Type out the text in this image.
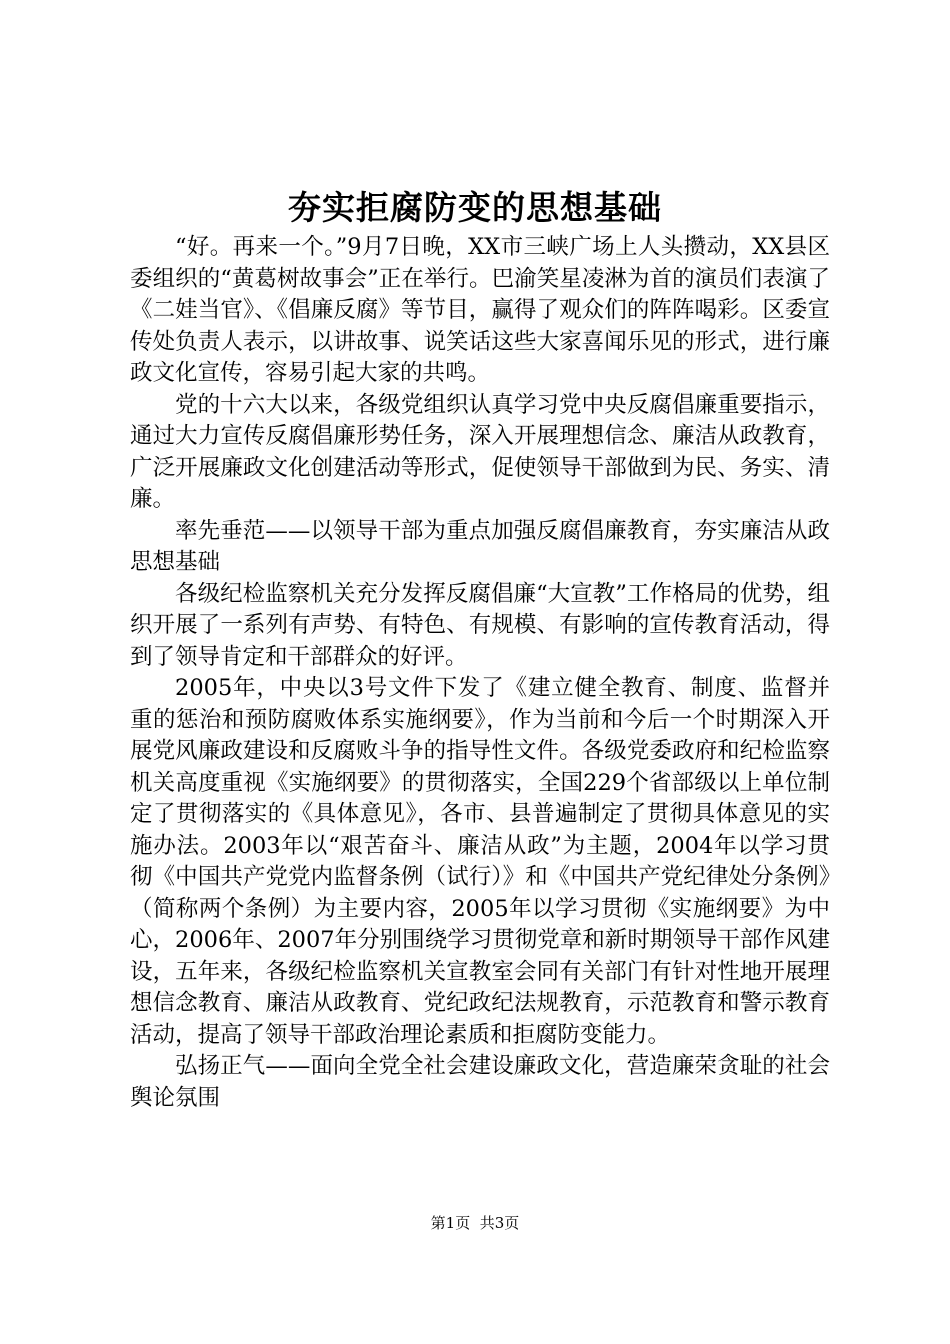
夯实拒腐防变的思想基础

“好。再来一个。”9月7日晚，XX市三峡广场上人头攒动，XX县区委组织的“黄葛树故事会”正在举行。巴渝笑星凌淋为首的演员们表演了《二娃当官》、《倡廉反腐》等节目，赢得了观众们的阵阵喝彩。区委宣传处负责人表示，以讲故事、说笑话这些大家喜闻乐见的形式，进行廉政文化宣传，容易引起大家的共鸣。

党的十六大以来，各级党组织认真学习党中央反腐倡廉重要指示，通过大力宣传反腐倡廉形势任务，深入开展理想信念、廉洁从政教育，广泛开展廉政文化创建活动等形式，促使领导干部做到为民、务实、清廉。

率先垂范——以领导干部为重点加强反腐倡廉教育，夯实廉洁从政思想基础

各级纪检监察机关充分发挥反腐倡廉“大宣教”工作格局的优势，组织开展了一系列有声势、有特色、有规模、有影响的宣传教育活动，得到了领导肯定和干部群众的好评。

2005年，中央以3号文件下发了《建立健全教育、制度、监督并重的惩治和预防腐败体系实施纲要》，作为当前和今后一个时期深入开展党风廉政建设和反腐败斗争的指导性文件。各级党委政府和纪检监察机关高度重视《实施纲要》的贯彻落实，全国229个省部级以上单位制定了贯彻落实的《具体意见》，各市、县普遍制定了贯彻具体意见的实施办法。2003年以“艰苦奋斗、廉洁从政”为主题，2004年以学习贯彻《中国共产党党内监督条例（试行）》和《中国共产党纪律处分条例》（简称两个条例）为主要内容，2005年以学习贯彻《实施纲要》为中心，2006年、2007年分别围绕学习贯彻党章和新时期领导干部作风建设，五年来，各级纪检监察机关宣教室会同有关部门有针对性地开展理想信念教育、廉洁从政教育、党纪政纪法规教育，示范教育和警示教育活动，提高了领导干部政治理论素质和拒腐防变能力。

弘扬正气——面向全党全社会建设廉政文化，营造廉荣贪耻的社会舆论氛围

第1页 共3页
